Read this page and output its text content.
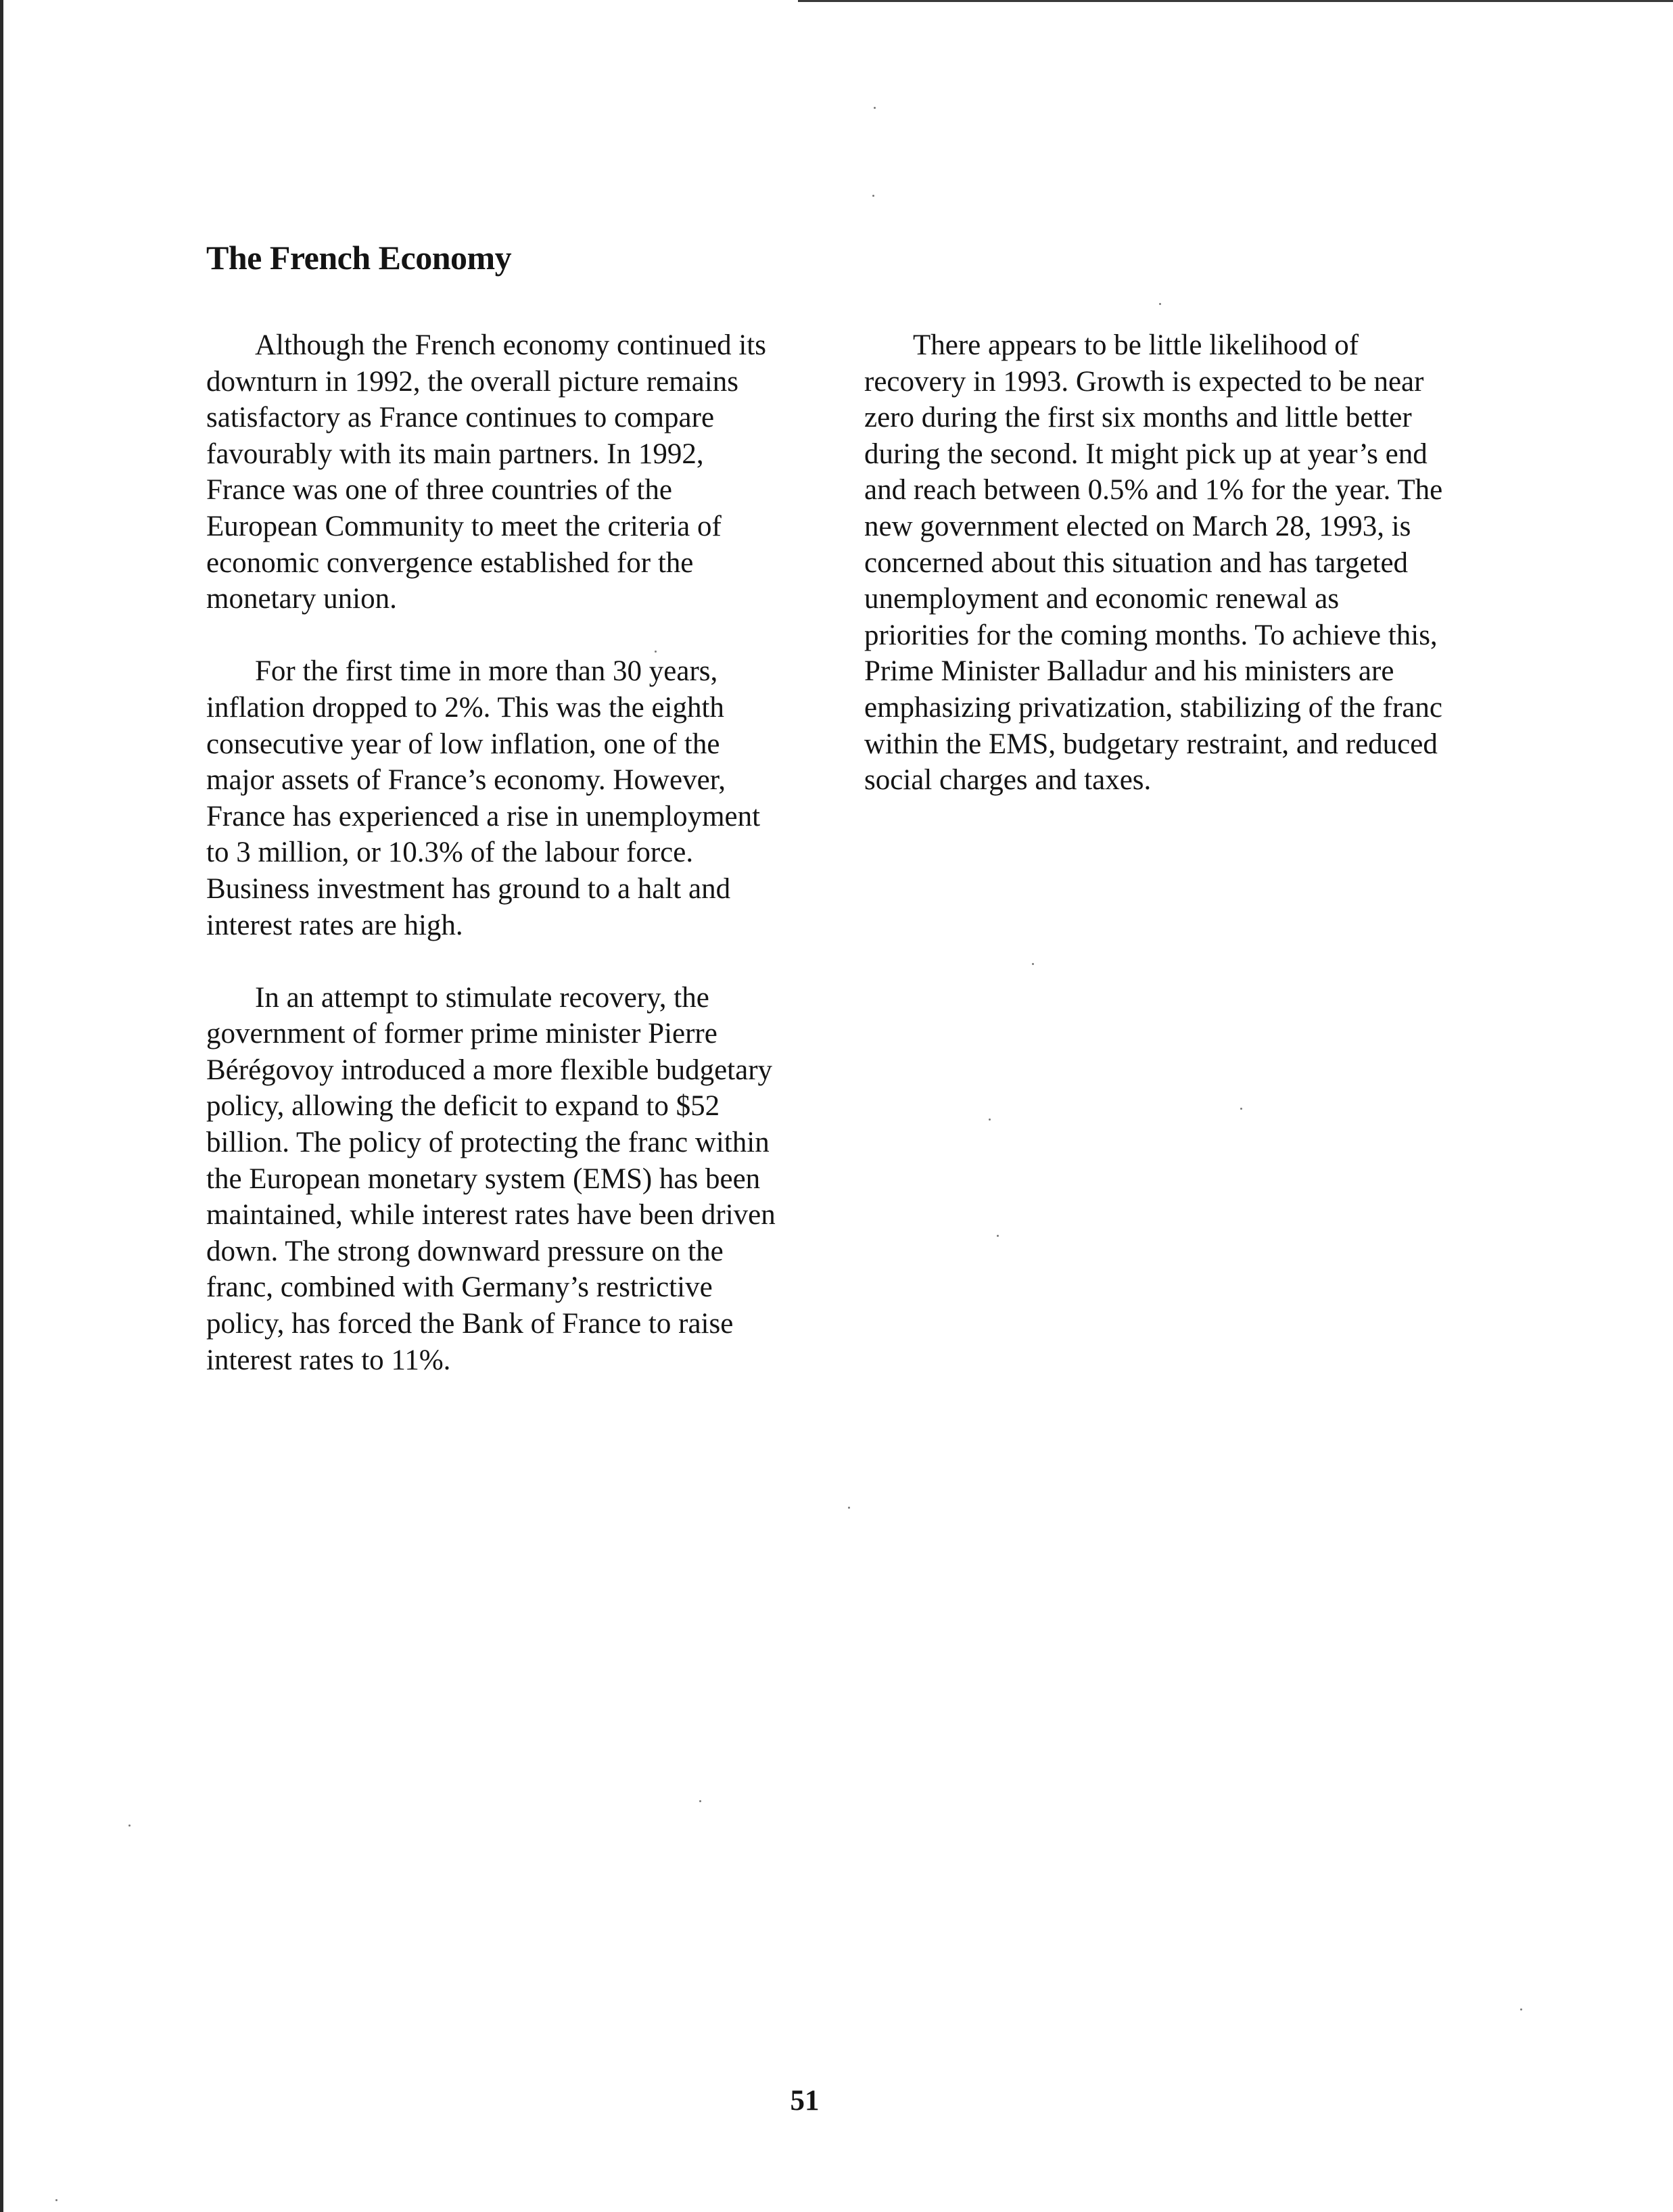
The French Economy

Although the French economy continued its downturn in 1992, the overall picture remains satisfactory as France continues to compare favourably with its main partners. In 1992, France was one of three countries of the European Community to meet the criteria of economic convergence established for the monetary union.

For the first time in more than 30 years, inflation dropped to 2%. This was the eighth consecutive year of low inflation, one of the major assets of France’s economy. However, France has experienced a rise in unemployment to 3 million, or 10.3% of the labour force. Business investment has ground to a halt and interest rates are high.

In an attempt to stimulate recovery, the government of former prime minister Pierre Bérégovoy introduced a more flexible budgetary policy, allowing the deficit to expand to $52 billion. The policy of protecting the franc within the European monetary system (EMS) has been maintained, while interest rates have been driven down. The strong downward pressure on the franc, combined with Germany’s restrictive policy, has forced the Bank of France to raise interest rates to 11%.

There appears to be little likelihood of recovery in 1993. Growth is expected to be near zero during the first six months and little better during the second. It might pick up at year’s end and reach between 0.5% and 1% for the year. The new government elected on March 28, 1993, is concerned about this situation and has targeted unemployment and economic renewal as priorities for the coming months. To achieve this, Prime Minister Balladur and his ministers are emphasizing privatization, stabilizing of the franc within the EMS, budgetary restraint, and reduced social charges and taxes.

51
